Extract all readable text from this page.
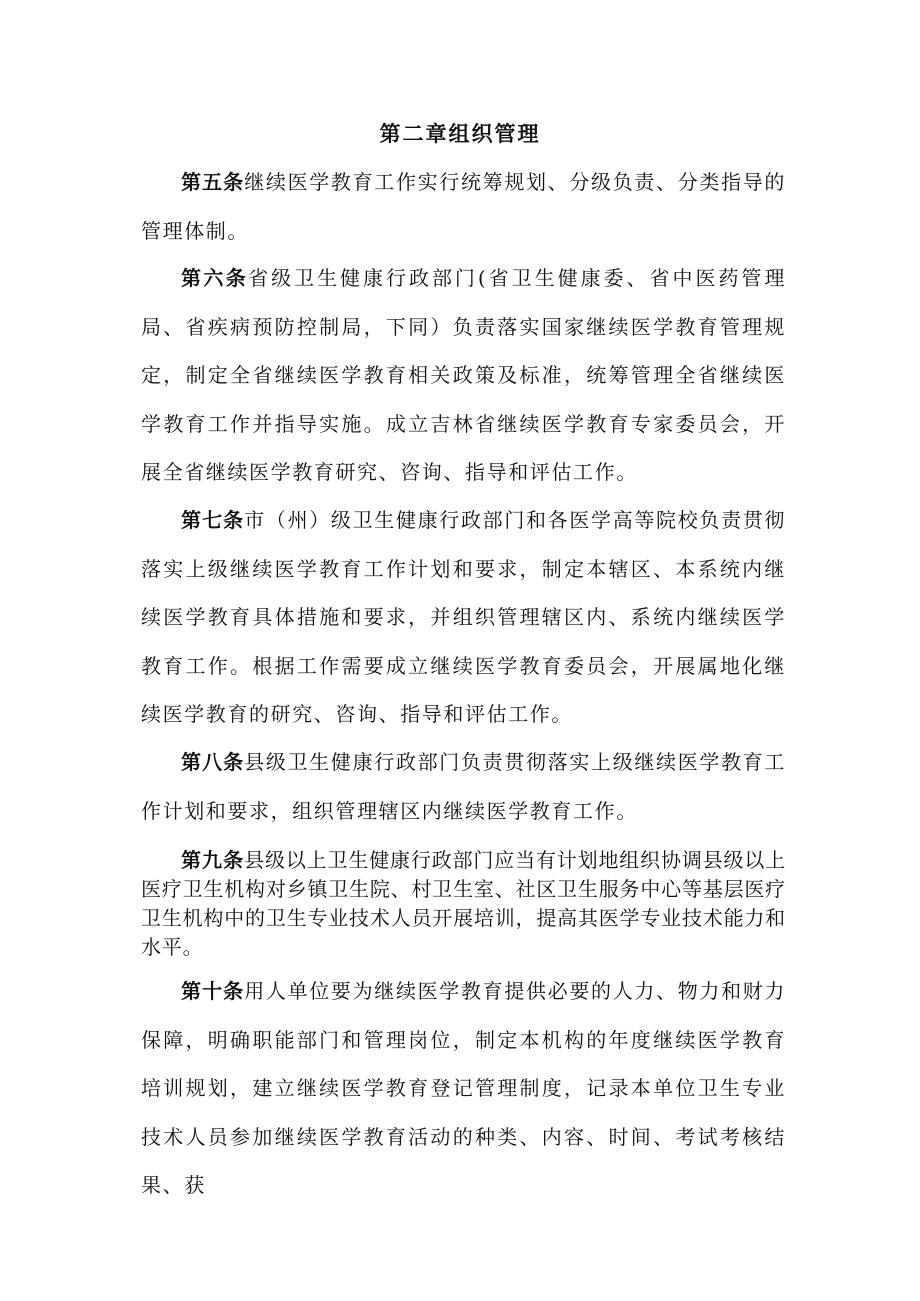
第二章组织管理

第五条继续医学教育工作实行统筹规划、分级负责、分类指导的管理体制。

第六条省级卫生健康行政部门(省卫生健康委、省中医药管理局、省疾病预防控制局，下同）负责落实国家继续医学教育管理规定，制定全省继续医学教育相关政策及标准，统筹管理全省继续医学教育工作并指导实施。成立吉林省继续医学教育专家委员会，开展全省继续医学教育研究、咨询、指导和评估工作。

第七条市（州）级卫生健康行政部门和各医学高等院校负责贯彻落实上级继续医学教育工作计划和要求，制定本辖区、本系统内继续医学教育具体措施和要求，并组织管理辖区内、系统内继续医学教育工作。根据工作需要成立继续医学教育委员会，开展属地化继续医学教育的研究、咨询、指导和评估工作。

第八条县级卫生健康行政部门负责贯彻落实上级继续医学教育工作计划和要求，组织管理辖区内继续医学教育工作。

第九条县级以上卫生健康行政部门应当有计划地组织协调县级以上医疗卫生机构对乡镇卫生院、村卫生室、社区卫生服务中心等基层医疗卫生机构中的卫生专业技术人员开展培训，提高其医学专业技术能力和水平。

第十条用人单位要为继续医学教育提供必要的人力、物力和财力保障，明确职能部门和管理岗位，制定本机构的年度继续医学教育培训规划，建立继续医学教育登记管理制度，记录本单位卫生专业技术人员参加继续医学教育活动的种类、内容、时间、考试考核结果、获
